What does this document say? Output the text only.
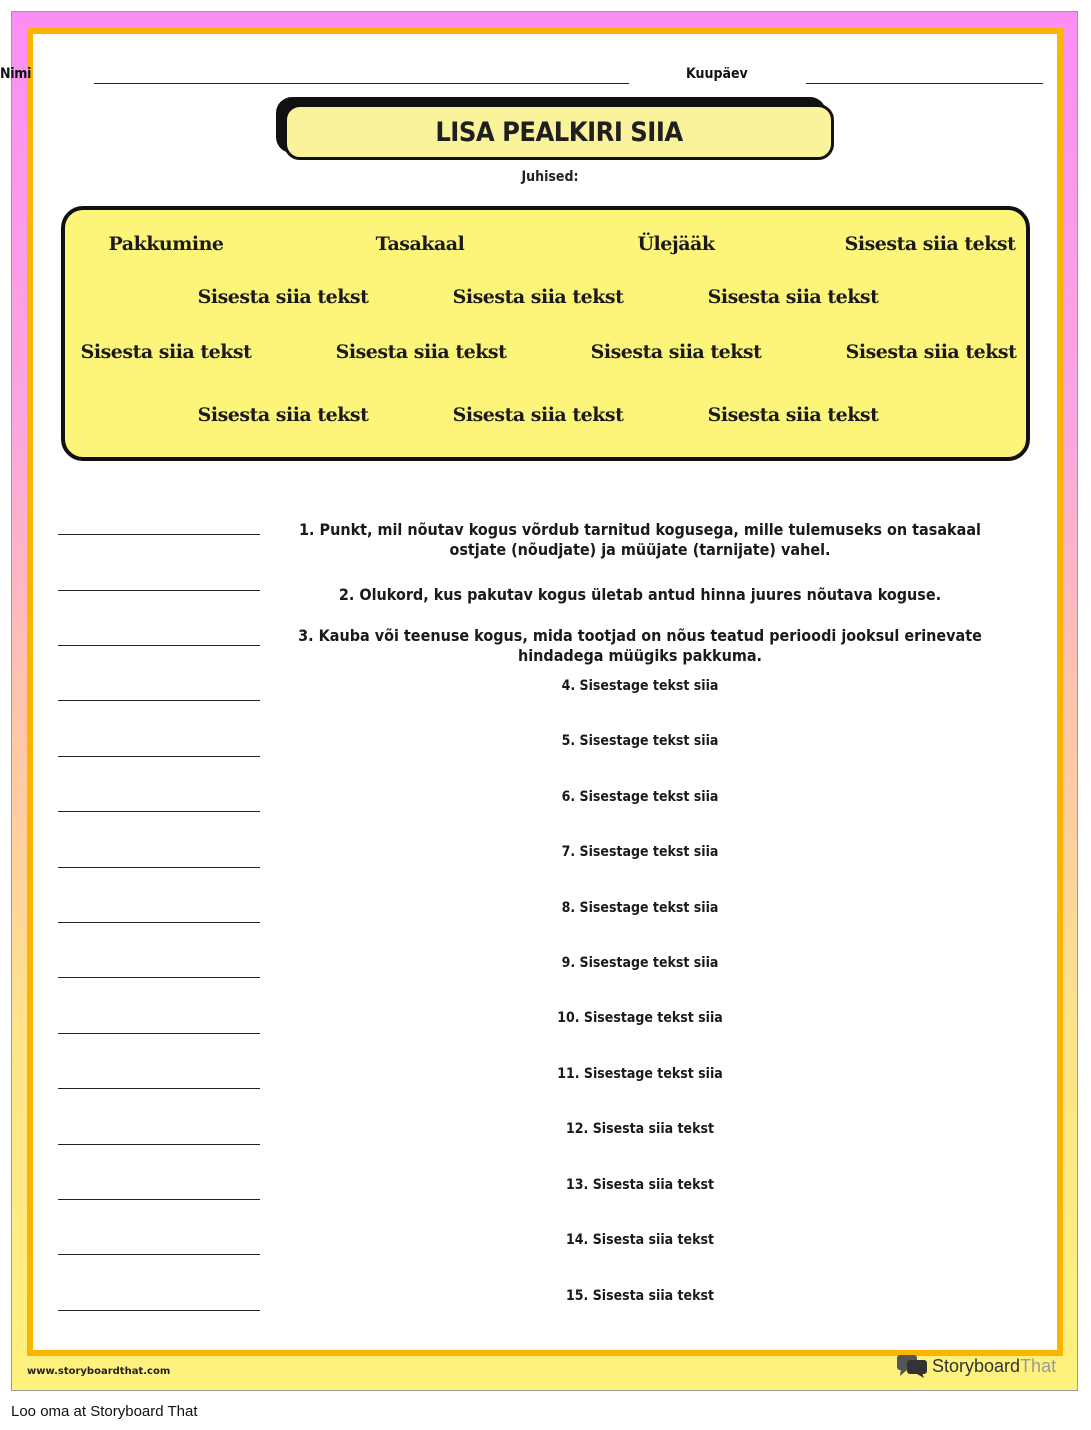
Nimi	Kuupäev
LISA PEALKIRI SIIA
Juhised:
Pakkumine	Tasakaal	Ülejääk	Sisesta siia tekst
Sisesta siia tekst	Sisesta siia tekst	Sisesta siia tekst
Sisesta siia tekst	Sisesta siia tekst	Sisesta siia tekst	Sisesta siia tekst
Sisesta siia tekst	Sisesta siia tekst	Sisesta siia tekst
1. Punkt, mil nõutav kogus võrdub tarnitud kogusega, mille tulemuseks on tasakaal ostjate (nõudjate) ja müüjate (tarnijate) vahel.
2. Olukord, kus pakutav kogus ületab antud hinna juures nõutava koguse.
3. Kauba või teenuse kogus, mida tootjad on nõus teatud perioodi jooksul erinevate hindadega müügiks pakkuma.
4. Sisestage tekst siia
5. Sisestage tekst siia
6. Sisestage tekst siia
7. Sisestage tekst siia
8. Sisestage tekst siia
9. Sisestage tekst siia
10. Sisestage tekst siia
11. Sisestage tekst siia
12. Sisesta siia tekst
13. Sisesta siia tekst
14. Sisesta siia tekst
15. Sisesta siia tekst
www.storyboardthat.com	StoryboardThat
Loo oma at Storyboard That
